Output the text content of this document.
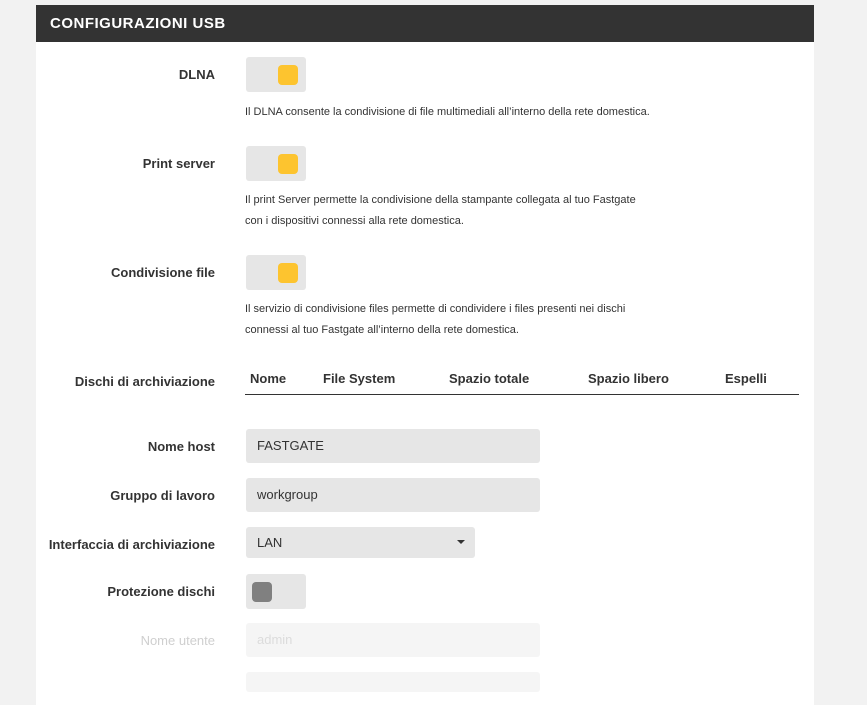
CONFIGURAZIONI USB
DLNA
Il DLNA consente la condivisione di file multimediali all’interno della rete domestica.
Print server
Il print Server permette la condivisione della stampante collegata al tuo Fastgate
con i dispositivi connessi alla rete domestica.
Condivisione file
Il servizio di condivisione files permette di condividere i files presenti nei dischi
connessi al tuo Fastgate all’interno della rete domestica.
Dischi di archiviazione	Nome	File System	Spazio totale	Spazio libero	Espelli
Nome host	FASTGATE
Gruppo di lavoro	workgroup
Interfaccia di archiviazione	LAN
Protezione dischi
Nome utente	admin
